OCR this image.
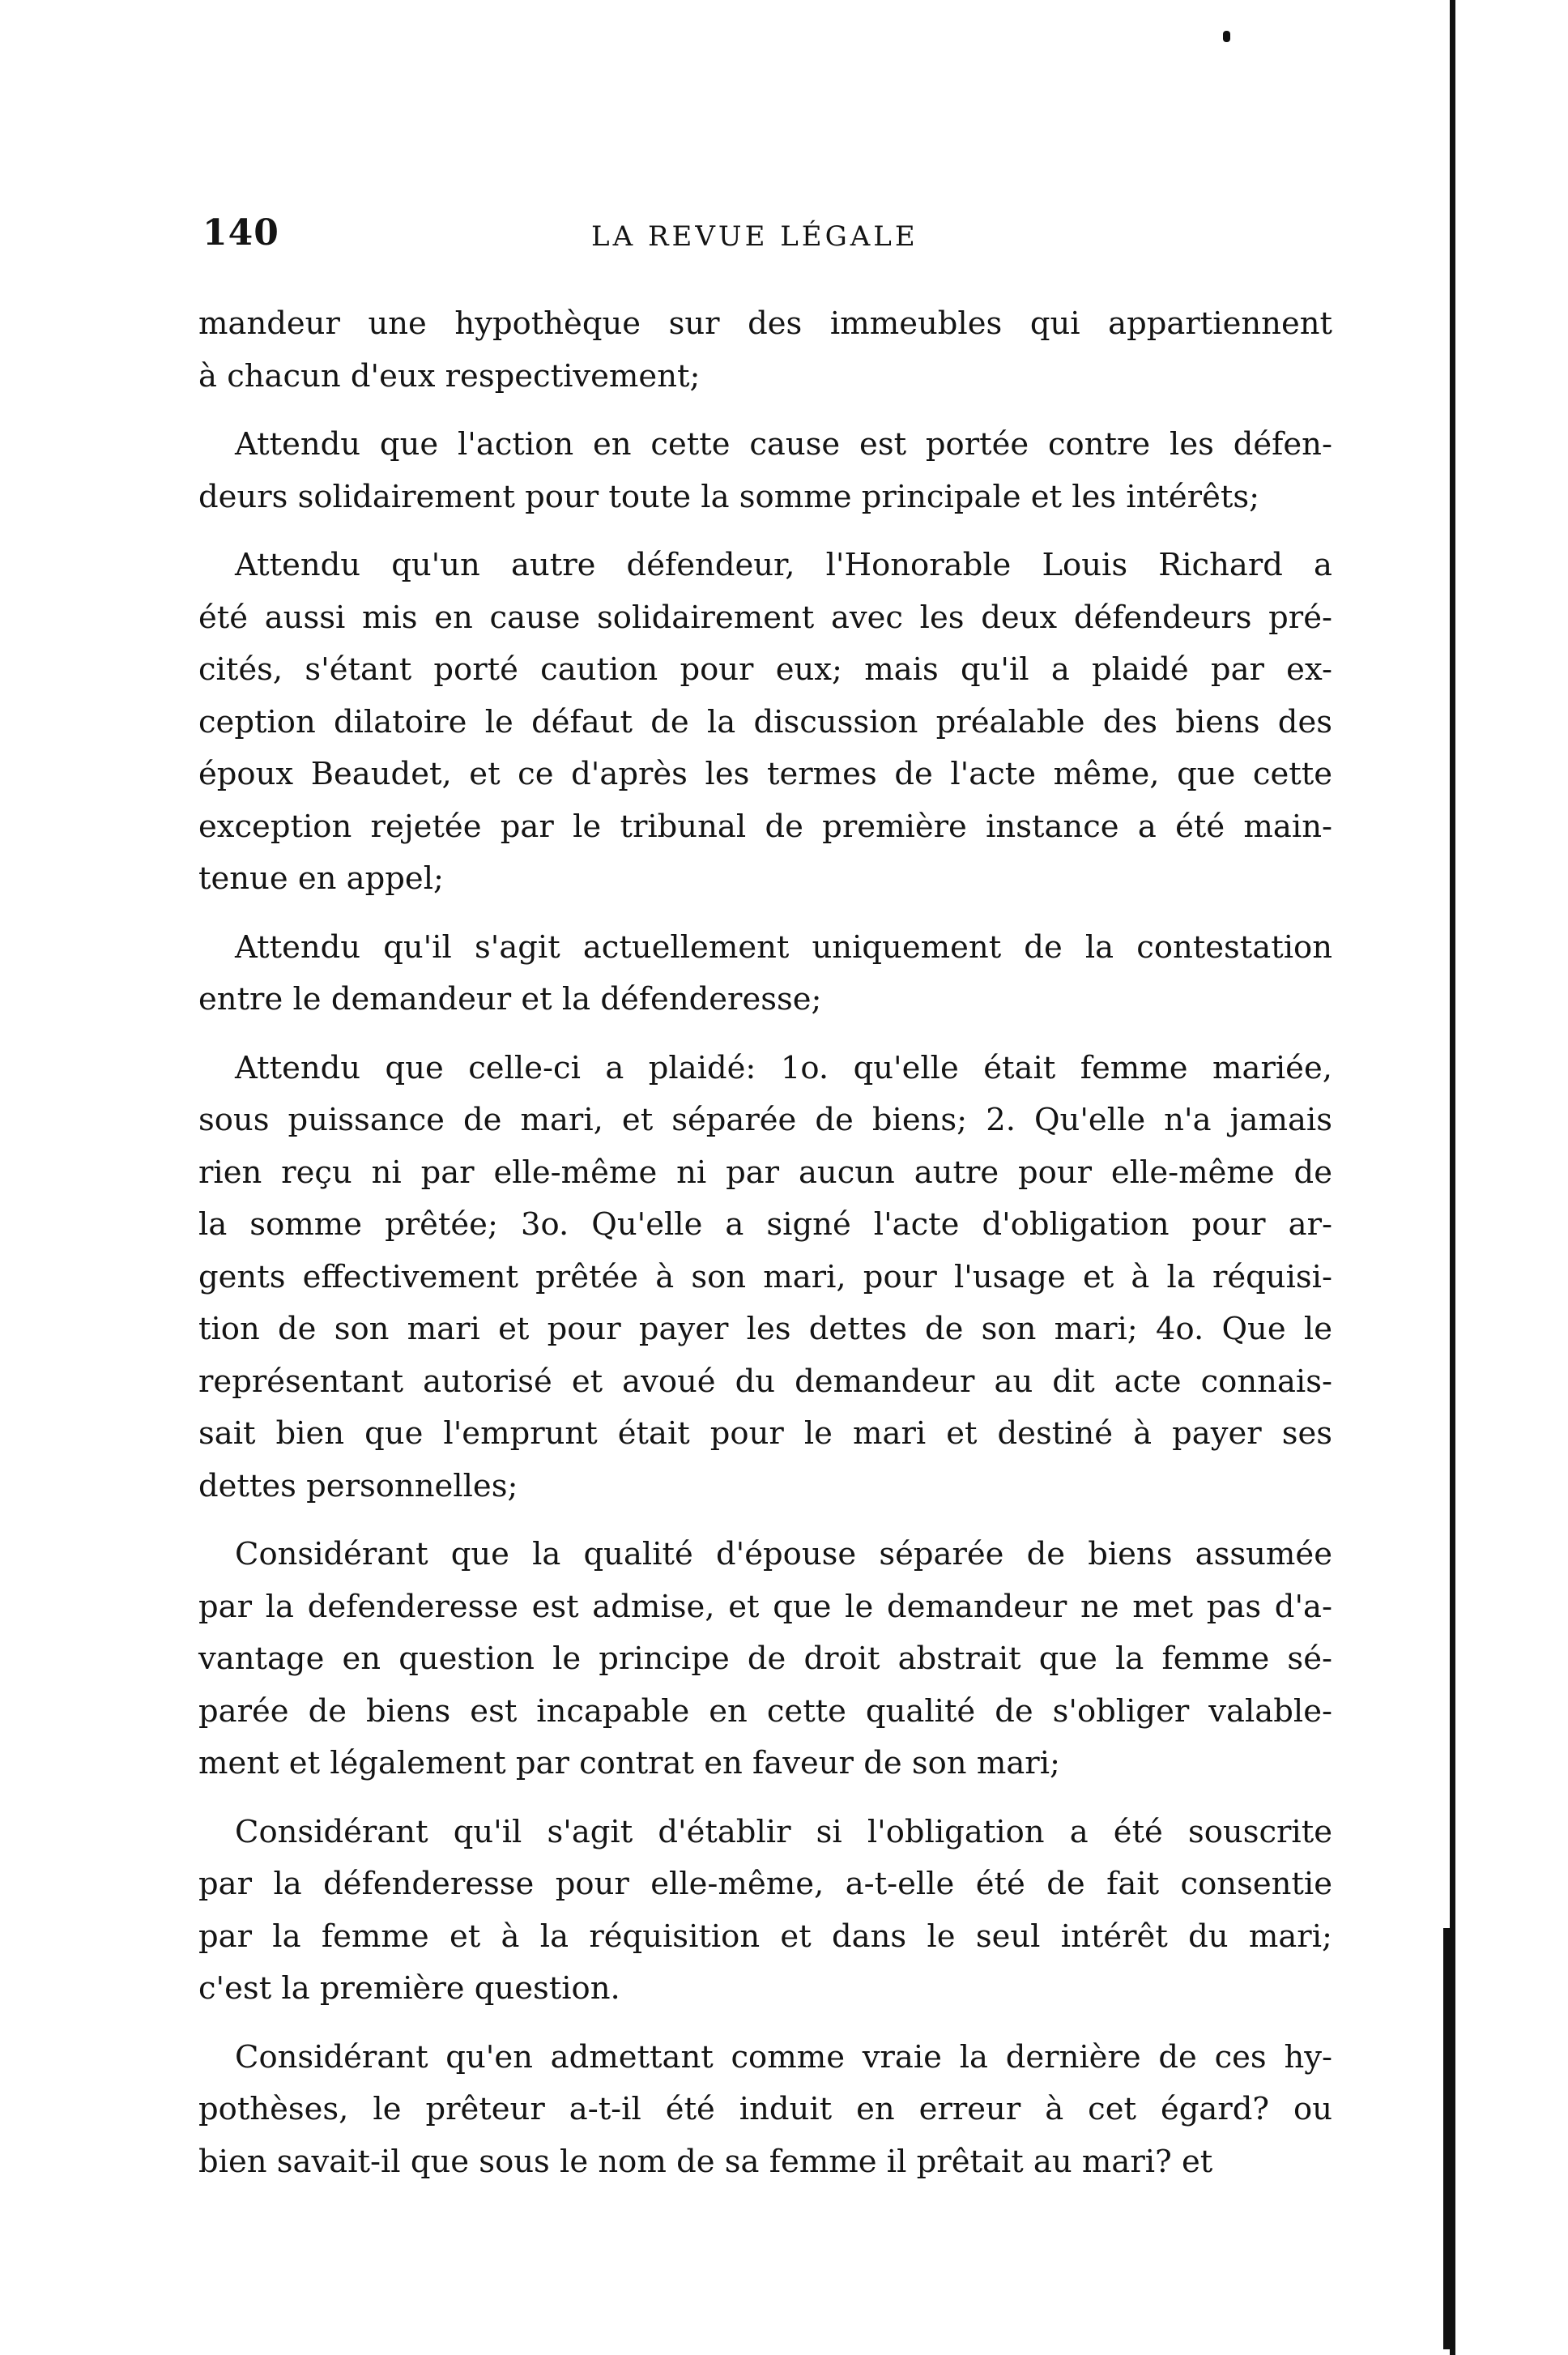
140	LA REVUE LÉGALE
mandeur une hypothèque sur des immeubles qui appartiennent
à chacun d'eux respectivement;
Attendu que l'action en cette cause est portée contre les défen-
deurs solidairement pour toute la somme principale et les intérêts;
Attendu qu'un autre défendeur, l'Honorable Louis Richard a
été aussi mis en cause solidairement avec les deux défendeurs pré-
cités, s'étant porté caution pour eux; mais qu'il a plaidé par ex-
ception dilatoire le défaut de la discussion préalable des biens des
époux Beaudet, et ce d'après les termes de l'acte même, que cette
exception rejetée par le tribunal de première instance a été main-
tenue en appel;
Attendu qu'il s'agit actuellement uniquement de la contestation
entre le demandeur et la défenderesse;
Attendu que celle-ci a plaidé: 1o. qu'elle était femme mariée,
sous puissance de mari, et séparée de biens; 2. Qu'elle n'a jamais
rien reçu ni par elle-même ni par aucun autre pour elle-même de
la somme prêtée; 3o. Qu'elle a signé l'acte d'obligation pour ar-
gents effectivement prêtée à son mari, pour l'usage et à la réquisi-
tion de son mari et pour payer les dettes de son mari; 4o. Que le
représentant autorisé et avoué du demandeur au dit acte connais-
sait bien que l'emprunt était pour le mari et destiné à payer ses
dettes personnelles;
Considérant que la qualité d'épouse séparée de biens assumée
par la defenderesse est admise, et que le demandeur ne met pas d'a-
vantage en question le principe de droit abstrait que la femme sé-
parée de biens est incapable en cette qualité de s'obliger valable-
ment et légalement par contrat en faveur de son mari;
Considérant qu'il s'agit d'établir si l'obligation a été souscrite
par la défenderesse pour elle-même, a-t-elle été de fait consentie
par la femme et à la réquisition et dans le seul intérêt du mari;
c'est la première question.
Considérant qu'en admettant comme vraie la dernière de ces hy-
pothèses, le prêteur a-t-il été induit en erreur à cet égard? ou
bien savait-il que sous le nom de sa femme il prêtait au mari? et
